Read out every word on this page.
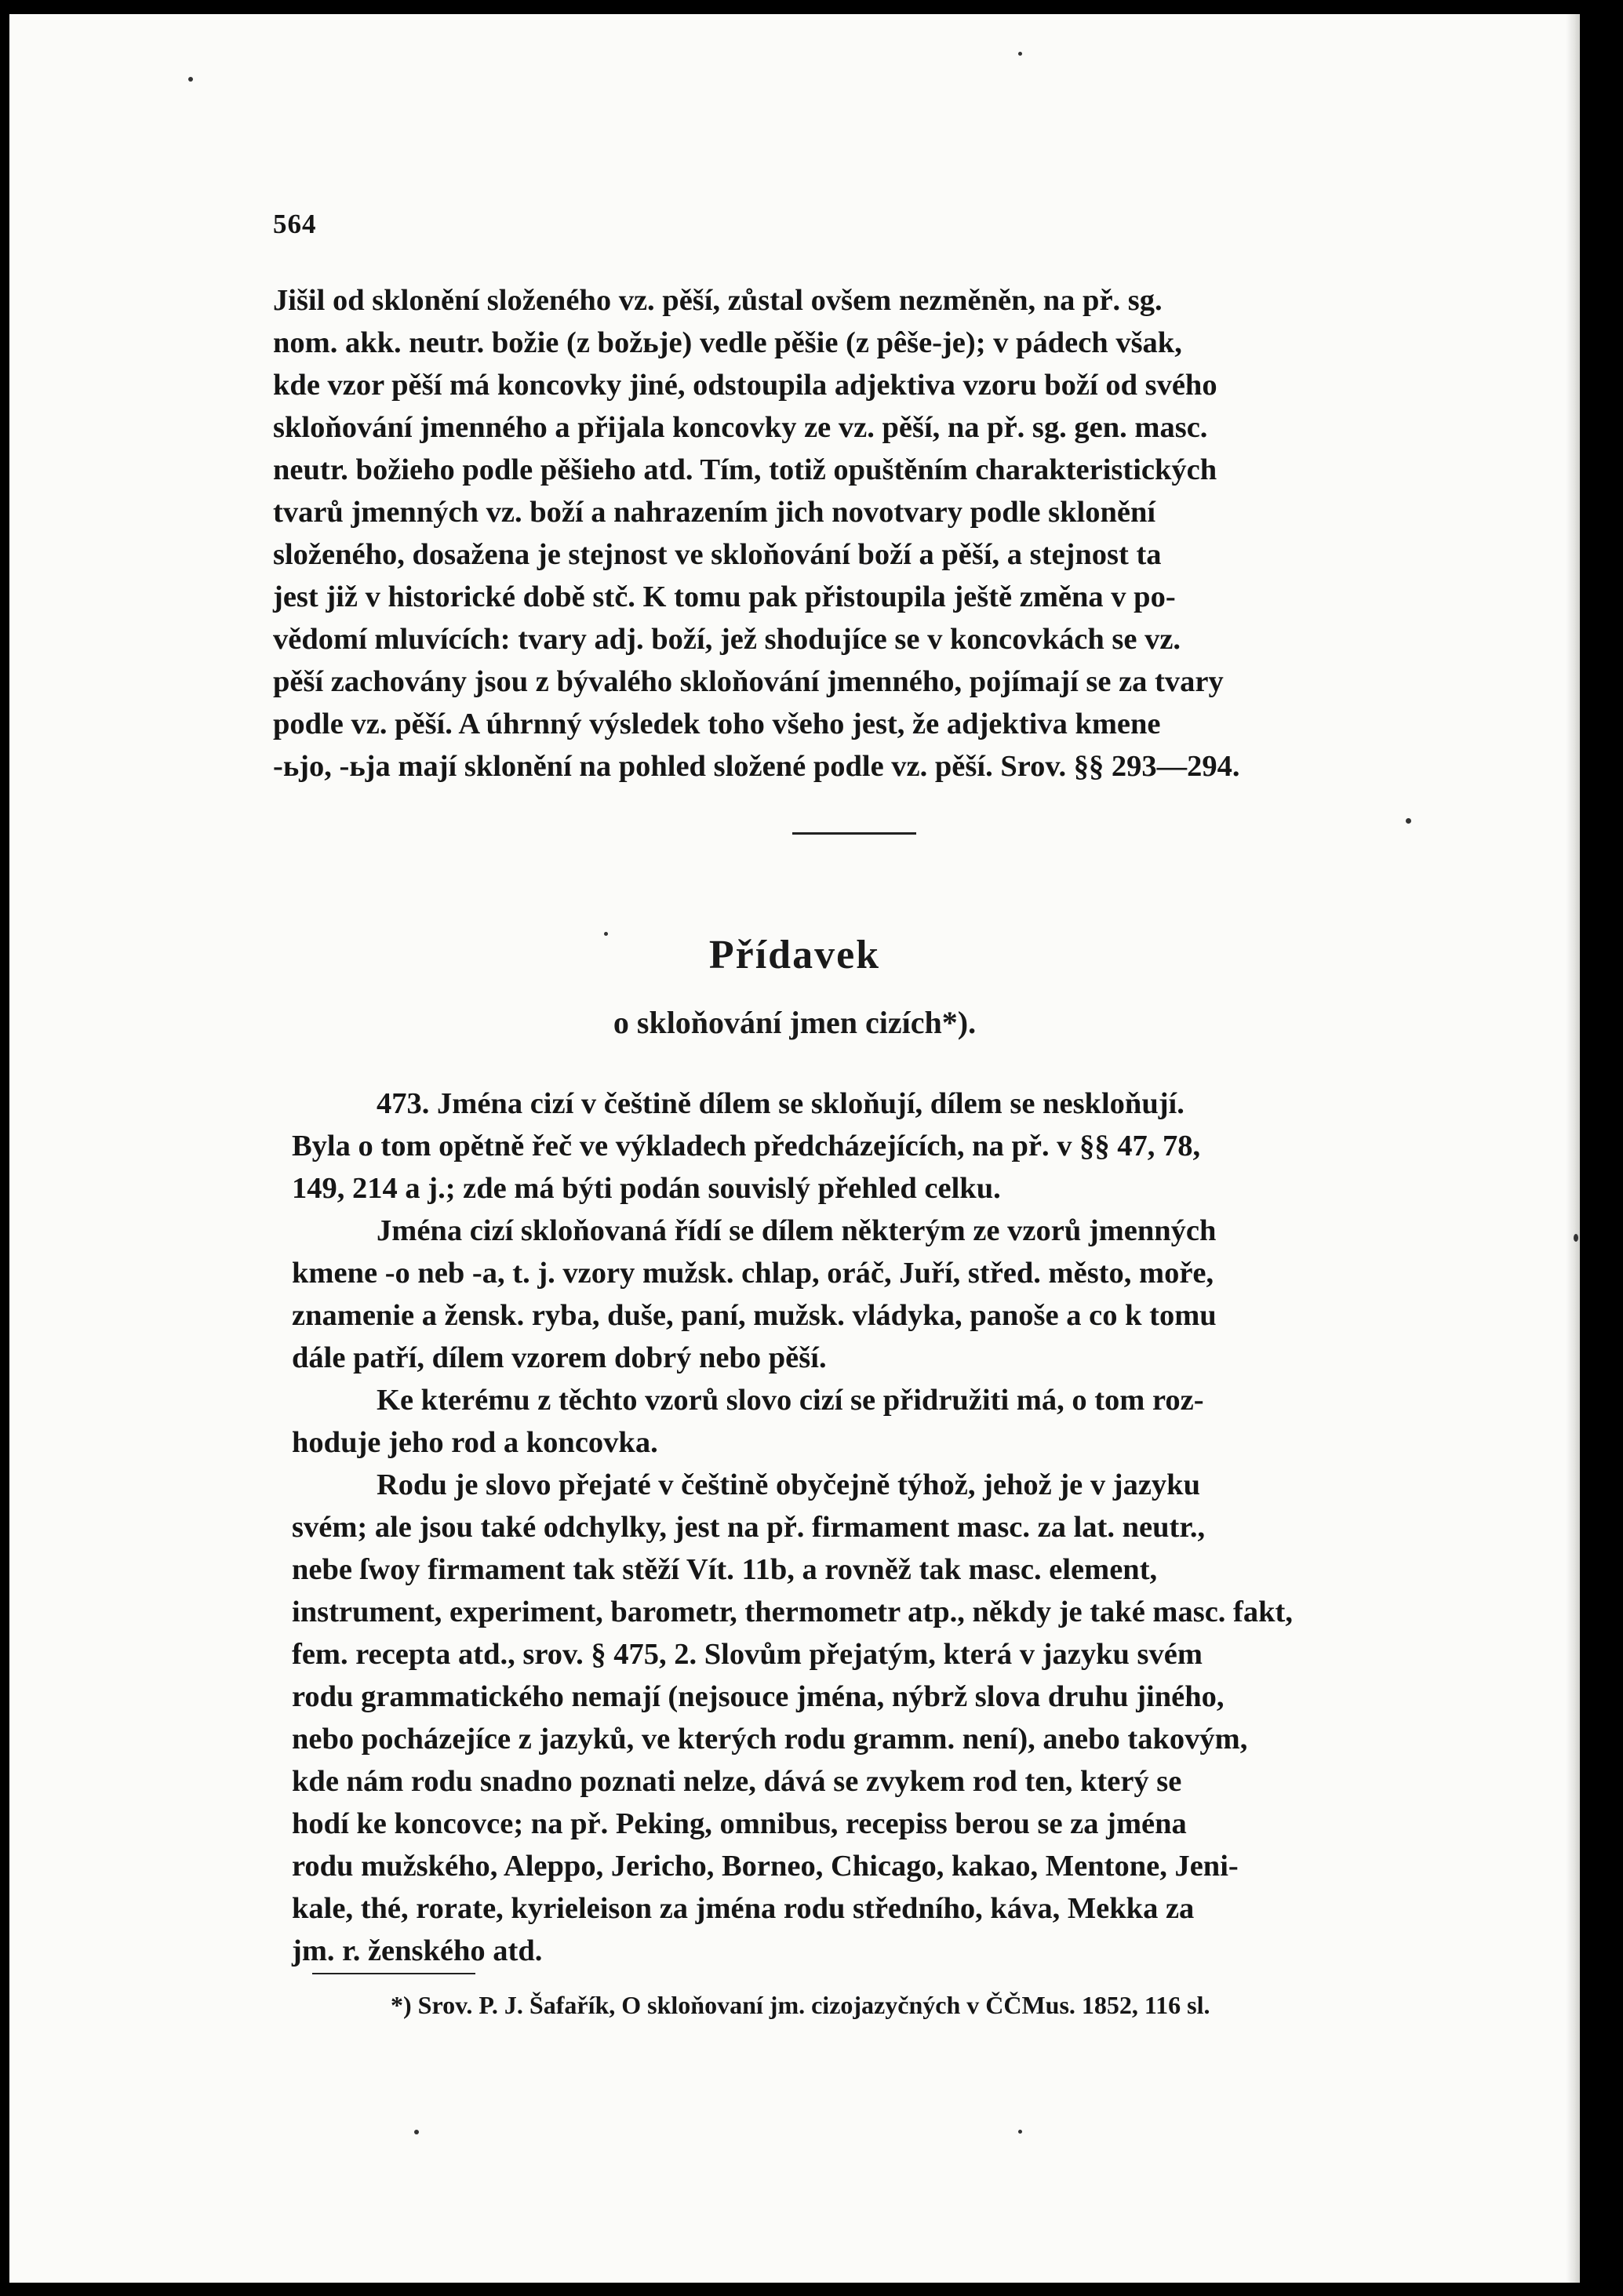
564
Jišil od sklonění složeného vz. pěší, zůstal ovšem nezměněn, na př. sg.
nom. akk. neutr. božie (z božьje) vedle pěšie (z pêše-je); v pádech však,
kde vzor pěší má koncovky jiné, odstoupila adjektiva vzoru boží od svého
skloňování jmenného a přijala koncovky ze vz. pěší, na př. sg. gen. masc.
neutr. božieho podle pěšieho atd. Tím, totiž opuštěním charakteristických
tvarů jmenných vz. boží a nahrazením jich novotvary podle sklonění
složeného, dosažena je stejnost ve skloňování boží a pěší, a stejnost ta
jest již v historické době stč. K tomu pak přistoupila ještě změna v po-
vědomí mluvících: tvary adj. boží, jež shodujíce se v koncovkách se vz.
pěší zachovány jsou z bývalého skloňování jmenného, pojímají se za tvary
podle vz. pěší. A úhrnný výsledek toho všeho jest, že adjektiva kmene
-ьjo, -ьja mají sklonění na pohled složené podle vz. pěší. Srov. §§ 293—294.
Přídavek
o skloňování jmen cizích*).
473. Jména cizí v češtině dílem se skloňují, dílem se neskloňují.
Byla o tom opětně řeč ve výkladech předcházejících, na př. v §§ 47, 78,
149, 214 a j.; zde má býti podán souvislý přehled celku.
Jména cizí skloňovaná řídí se dílem některým ze vzorů jmenných
kmene -o neb -a, t. j. vzory mužsk. chlap, oráč, Juří, střed. město, moře,
znamenie a žensk. ryba, duše, paní, mužsk. vládyka, panoše a co k tomu
dále patří, dílem vzorem dobrý nebo pěší.
Ke kterému z těchto vzorů slovo cizí se přidružiti má, o tom roz-
hoduje jeho rod a koncovka.
Rodu je slovo přejaté v češtině obyčejně týhož, jehož je v jazyku
svém; ale jsou také odchylky, jest na př. firmament masc. za lat. neutr.,
nebe ſwoy firmament tak stěží Vít. 11b, a rovněž tak masc. element,
instrument, experiment, barometr, thermometr atp., někdy je také masc. fakt,
fem. recepta atd., srov. § 475, 2. Slovům přejatým, která v jazyku svém
rodu grammatického nemají (nejsouce jména, nýbrž slova druhu jiného,
nebo pocházejíce z jazyků, ve kterých rodu gramm. není), anebo takovým,
kde nám rodu snadno poznati nelze, dává se zvykem rod ten, který se
hodí ke koncovce; na př. Peking, omnibus, recepiss berou se za jména
rodu mužského, Aleppo, Jericho, Borneo, Chicago, kakao, Mentone, Jeni-
kale, thé, rorate, kyrieleison za jména rodu středního, káva, Mekka za
jm. r. ženského atd.
*) Srov. P. J. Šafařík, O skloňovaní jm. cizojazyčných v ČČMus. 1852, 116 sl.
